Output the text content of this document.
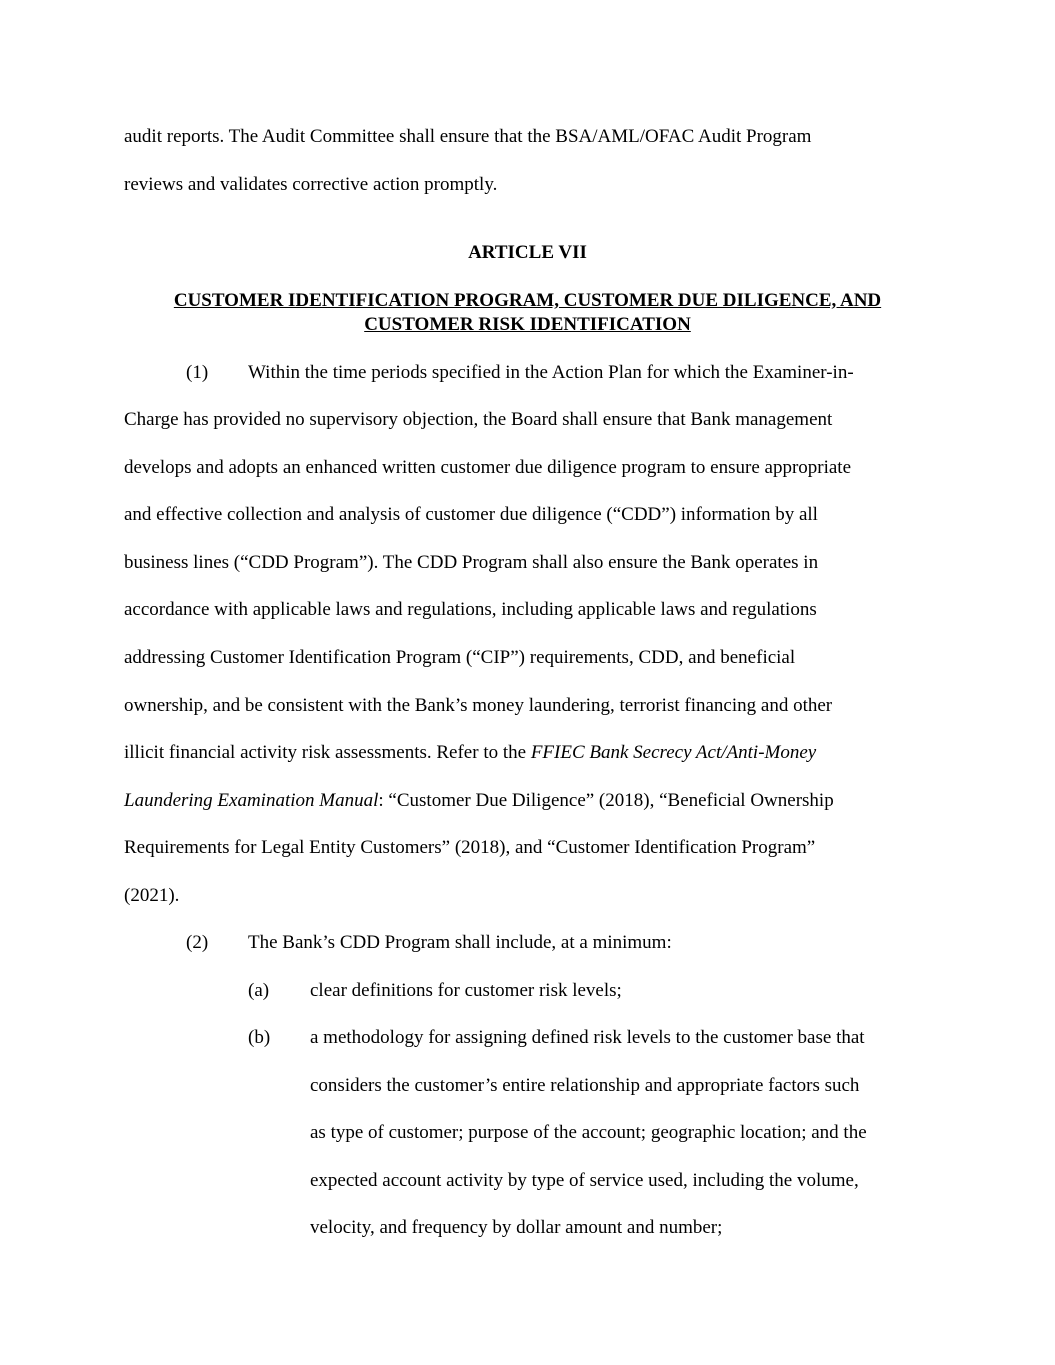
audit reports. The Audit Committee shall ensure that the BSA/AML/OFAC Audit Program
reviews and validates corrective action promptly.
ARTICLE VII
CUSTOMER IDENTIFICATION PROGRAM, CUSTOMER DUE DILIGENCE, AND
CUSTOMER RISK IDENTIFICATION
(1) Within the time periods specified in the Action Plan for which the Examiner-in-
Charge has provided no supervisory objection, the Board shall ensure that Bank management
develops and adopts an enhanced written customer due diligence program to ensure appropriate
and effective collection and analysis of customer due diligence (“CDD”) information by all
business lines (“CDD Program”). The CDD Program shall also ensure the Bank operates in
accordance with applicable laws and regulations, including applicable laws and regulations
addressing Customer Identification Program (“CIP”) requirements, CDD, and beneficial
ownership, and be consistent with the Bank’s money laundering, terrorist financing and other
illicit financial activity risk assessments. Refer to the FFIEC Bank Secrecy Act/Anti-Money
Laundering Examination Manual: “Customer Due Diligence” (2018), “Beneficial Ownership
Requirements for Legal Entity Customers” (2018), and “Customer Identification Program”
(2021).
(2) The Bank’s CDD Program shall include, at a minimum:
(a) clear definitions for customer risk levels;
(b) a methodology for assigning defined risk levels to the customer base that
considers the customer’s entire relationship and appropriate factors such
as type of customer; purpose of the account; geographic location; and the
expected account activity by type of service used, including the volume,
velocity, and frequency by dollar amount and number;
